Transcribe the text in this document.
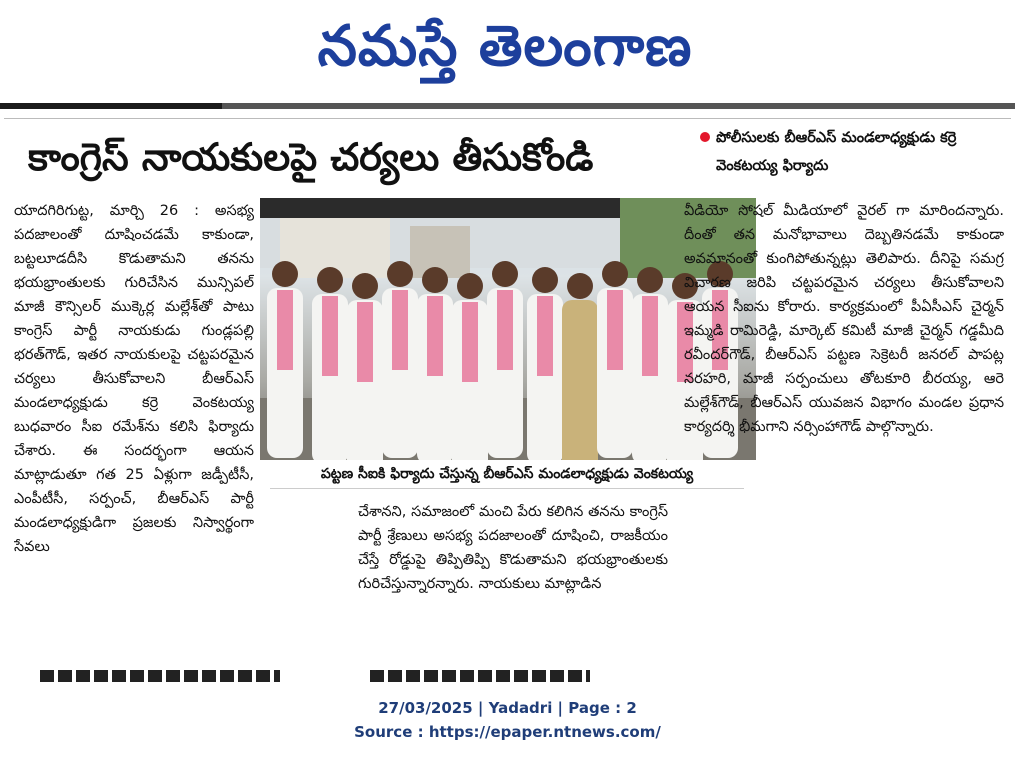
నమస్తే తెలంగాణ
కాంగ్రెస్ నాయకులపై చర్యలు తీసుకోండి	పోలీసులకు బీఆర్ఎస్ మండలాధ్యక్షుడు కర్రె వెంకటయ్య ఫిర్యాదు

యాదగిరిగుట్ట, మార్చి 26 : అసభ్య పదజాలంతో దూషించడమే కాకుండా, బట్టలూడదీసి కొడుతామని తనను భయభ్రాంతులకు గురిచేసిన మున్సిపల్ మాజీ కౌన్సిలర్ ముక్కెర్ల మల్లేశ్‌తో పాటు కాంగ్రెస్ పార్టీ నాయకుడు గుండ్లపల్లి భరత్‌గౌడ్, ఇతర నాయకులపై చట్టపరమైన చర్యలు తీసుకోవాలని బీఆర్ఎస్ మండలాధ్యక్షుడు కర్రె వెంకటయ్య బుధవారం సీఐ రమేశ్‌ను కలిసి ఫిర్యాదు చేశారు. ఈ సందర్భంగా ఆయన మాట్లాడుతూ గత 25 ఏళ్లుగా జడ్పీటీసీ, ఎంపీటీసీ, సర్పంచ్, బీఆర్ఎస్ పార్టీ మండలాధ్యక్షుడిగా ప్రజలకు నిస్వార్థంగా సేవలు

పట్టణ సీఐకి ఫిర్యాదు చేస్తున్న బీఆర్ఎస్ మండలాధ్యక్షుడు వెంకటయ్య

చేశానని, సమాజంలో మంచి పేరు కలిగిన తనను కాంగ్రెస్ పార్టీ శ్రేణులు అసభ్య పదజాలంతో దూషించి, రాజకీయం చేస్తే రోడ్డుపై తిప్పితిప్పి కొడుతామని భయభ్రాంతులకు గురిచేస్తున్నారన్నారు. నాయకులు మాట్లాడిన

వీడియో సోషల్ మీడియాలో వైరల్ గా మారిందన్నారు. దీంతో తన మనోభావాలు దెబ్బతినడమే కాకుండా అవమానంతో కుంగిపోతున్నట్లు తెలిపారు. దీనిపై సమగ్ర విచారణ జరిపి చట్టపరమైన చర్యలు తీసుకోవాలని ఆయన సీఐను కోరారు. కార్యక్రమంలో పీఏసీఎస్ చైర్మన్ ఇమ్మడి రామిరెడ్డి, మార్కెట్ కమిటీ మాజీ చైర్మన్ గడ్డమీది రవీందర్‌గౌడ్, బీఆర్ఎస్ పట్టణ సెక్రెటరీ జనరల్ పాపట్ల నరహరి, మాజీ సర్పంచులు తోటకూరి బీరయ్య, ఆరె మల్లేశ్‌గౌడ్, బీఆర్ఎస్ యువజన విభాగం మండల ప్రధాన కార్యదర్శి భీమగాని నర్సింహాగౌడ్ పాల్గొన్నారు.

27/03/2025 | Yadadri | Page : 2
Source : https://epaper.ntnews.com/
